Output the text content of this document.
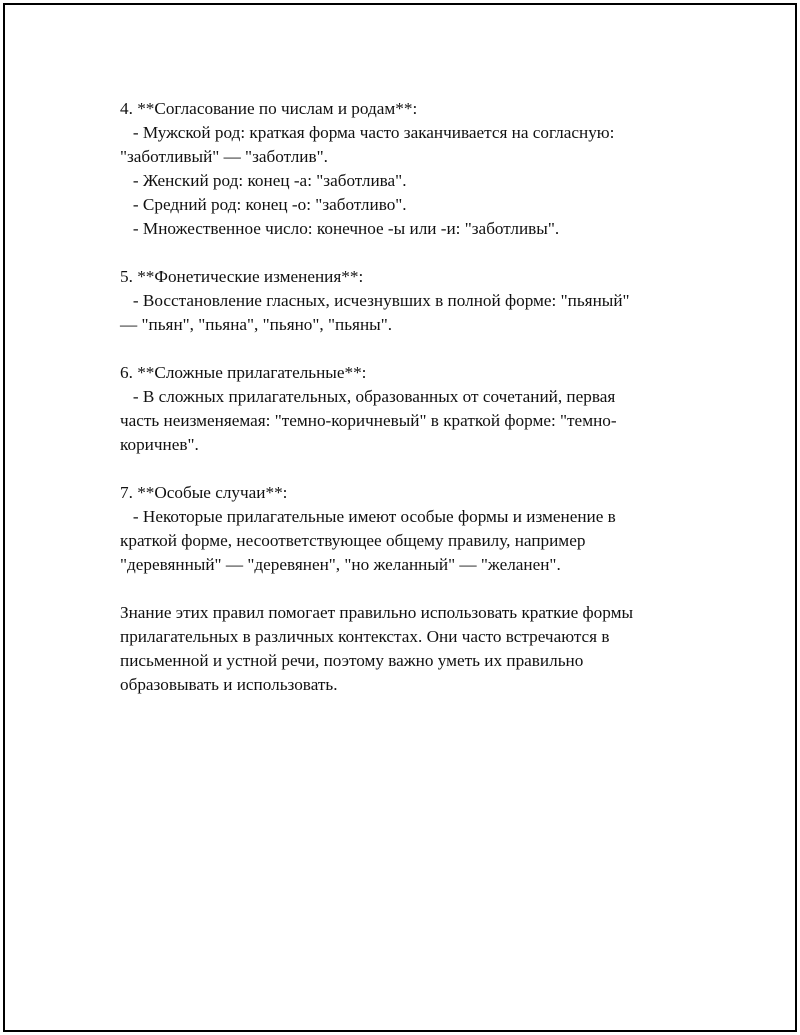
4. **Согласование по числам и родам**:
- Мужской род: краткая форма часто заканчивается на согласную:
"заботливый" — "заботлив".
- Женский род: конец -а: "заботлива".
- Средний род: конец -о: "заботливо".
- Множественное число: конечное -ы или -и: "заботливы".
5. **Фонетические изменения**:
- Восстановление гласных, исчезнувших в полной форме: "пьяный"
— "пьян", "пьяна", "пьяно", "пьяны".
6. **Сложные прилагательные**:
- В сложных прилагательных, образованных от сочетаний, первая
часть неизменяемая: "темно-коричневый" в краткой форме: "темно-
коричнев".
7. **Особые случаи**:
- Некоторые прилагательные имеют особые формы и изменение в
краткой форме, несоответствующее общему правилу, например
"деревянный" — "деревянен", "но желанный" — "желанен".
Знание этих правил помогает правильно использовать краткие формы
прилагательных в различных контекстах. Они часто встречаются в
письменной и устной речи, поэтому важно уметь их правильно
образовывать и использовать.
